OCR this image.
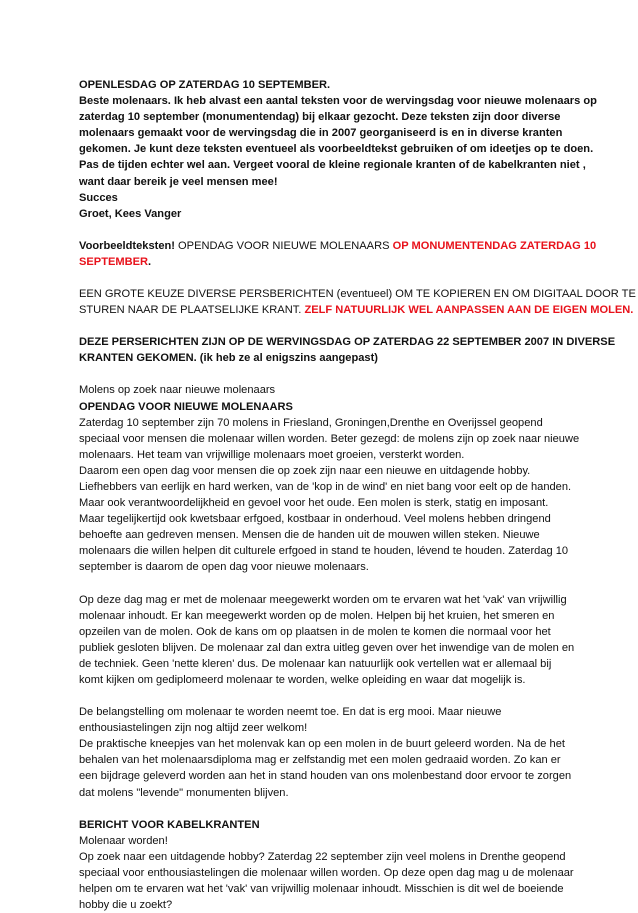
OPENLESDAG OP ZATERDAG 10 SEPTEMBER.
Beste molenaars. Ik heb alvast een aantal teksten voor de wervingsdag voor nieuwe molenaars op
zaterdag 10 september (monumentendag) bij elkaar gezocht. Deze teksten zijn door diverse
molenaars gemaakt voor de wervingsdag die in 2007 georganiseerd is en in diverse kranten
gekomen. Je kunt deze teksten eventueel als voorbeeldtekst gebruiken of om ideetjes op te doen.
Pas de tijden echter wel aan. Vergeet vooral de kleine regionale kranten of de kabelkranten niet ,
want daar bereik je veel mensen mee!
Succes
Groet, Kees Vanger
Voorbeeldteksten! OPENDAG VOOR NIEUWE MOLENAARS OP MONUMENTENDAG ZATERDAG 10
SEPTEMBER.
EEN GROTE KEUZE DIVERSE PERSBERICHTEN (eventueel) OM TE KOPIEREN EN OM DIGITAAL DOOR TE
STUREN NAAR DE PLAATSELIJKE KRANT. ZELF NATUURLIJK WEL AANPASSEN AAN DE EIGEN MOLEN.
DEZE PERSERICHTEN ZIJN OP DE WERVINGSDAG OP ZATERDAG 22 SEPTEMBER 2007 IN DIVERSE
KRANTEN GEKOMEN. (ik heb ze al enigszins aangepast)
Molens op zoek naar nieuwe molenaars
OPENDAG VOOR NIEUWE MOLENAARS
Zaterdag 10 september zijn 70 molens in Friesland, Groningen,Drenthe en Overijssel geopend
speciaal voor mensen die molenaar willen worden. Beter gezegd: de molens zijn op zoek naar nieuwe
molenaars. Het team van vrijwillige molenaars moet groeien, versterkt worden.
Daarom een open dag voor mensen die op zoek zijn naar een nieuwe en uitdagende hobby.
Liefhebbers van eerlijk en hard werken, van de 'kop in de wind' en niet bang voor eelt op de handen.
Maar ook verantwoordelijkheid en gevoel voor het oude. Een molen is sterk, statig en imposant.
Maar tegelijkertijd ook kwetsbaar erfgoed, kostbaar in onderhoud. Veel molens hebben dringend
behoefte aan gedreven mensen. Mensen die de handen uit de mouwen willen steken. Nieuwe
molenaars die willen helpen dit culturele erfgoed in stand te houden, lévend te houden. Zaterdag 10
september is daarom de open dag voor nieuwe molenaars.
Op deze dag mag er met de molenaar meegewerkt worden om te ervaren wat het 'vak' van vrijwillig
molenaar inhoudt. Er kan meegewerkt worden op de molen. Helpen bij het kruien, het smeren en
opzeilen van de molen. Ook de kans om op plaatsen in de molen te komen die normaal voor het
publiek gesloten blijven. De molenaar zal dan extra uitleg geven over het inwendige van de molen en
de techniek. Geen 'nette kleren' dus. De molenaar kan natuurlijk ook vertellen wat er allemaal bij
komt kijken om gediplomeerd molenaar te worden, welke opleiding en waar dat mogelijk is.
De belangstelling om molenaar te worden neemt toe. En dat is erg mooi. Maar nieuwe
enthousiastelingen zijn nog altijd zeer welkom!
De praktische kneepjes van het molenvak kan op een molen in de buurt geleerd worden. Na de het
behalen van het molenaarsdiploma mag er zelfstandig met een molen gedraaid worden. Zo kan er
een bijdrage geleverd worden aan het in stand houden van ons molenbestand door ervoor te zorgen
dat molens "levende" monumenten blijven.
BERICHT VOOR KABELKRANTEN
Molenaar worden!
Op zoek naar een uitdagende hobby? Zaterdag 22 september zijn veel molens in Drenthe geopend
speciaal voor enthousiastelingen die molenaar willen worden. Op deze open dag mag u de molenaar
helpen om te ervaren wat het 'vak' van vrijwillig molenaar inhoudt. Misschien is dit wel de boeiende
hobby die u zoekt?
